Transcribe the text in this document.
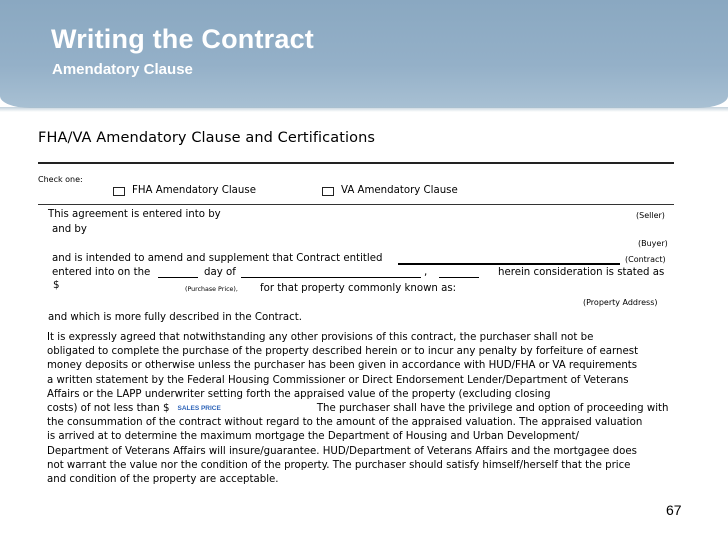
Writing the Contract
Amendatory Clause
FHA/VA Amendatory Clause and Certifications
Check one:
FHA Amendatory Clause	VA Amendatory Clause
This agreement is entered into by	(Seller)
and by
(Buyer)
and is intended to amend and supplement that Contract entitled	(Contract)
entered into on the	day of	,	herein consideration is stated as
$	(Purchase Price), for that property commonly known as:
(Property Address)
and which is more fully described in the Contract.
It is expressly agreed that notwithstanding any other provisions of this contract, the purchaser shall not be
obligated to complete the purchase of the property described herein or to incur any penalty by forfeiture of earnest
money deposits or otherwise unless the purchaser has been given in accordance with HUD/FHA or VA requirements
a written statement by the Federal Housing Commissioner or Direct Endorsement Lender/Department of Veterans
Affairs or the LAPP underwriter setting forth the appraised value of the property (excluding closing
costs) of not less than $ SALES PRICE	The purchaser shall have the privilege and option of proceeding with
the consummation of the contract without regard to the amount of the appraised valuation. The appraised valuation
is arrived at to determine the maximum mortgage the Department of Housing and Urban Development/
Department of Veterans Affairs will insure/guarantee. HUD/Department of Veterans Affairs and the mortgagee does
not warrant the value nor the condition of the property. The purchaser should satisfy himself/herself that the price
and condition of the property are acceptable.
67
